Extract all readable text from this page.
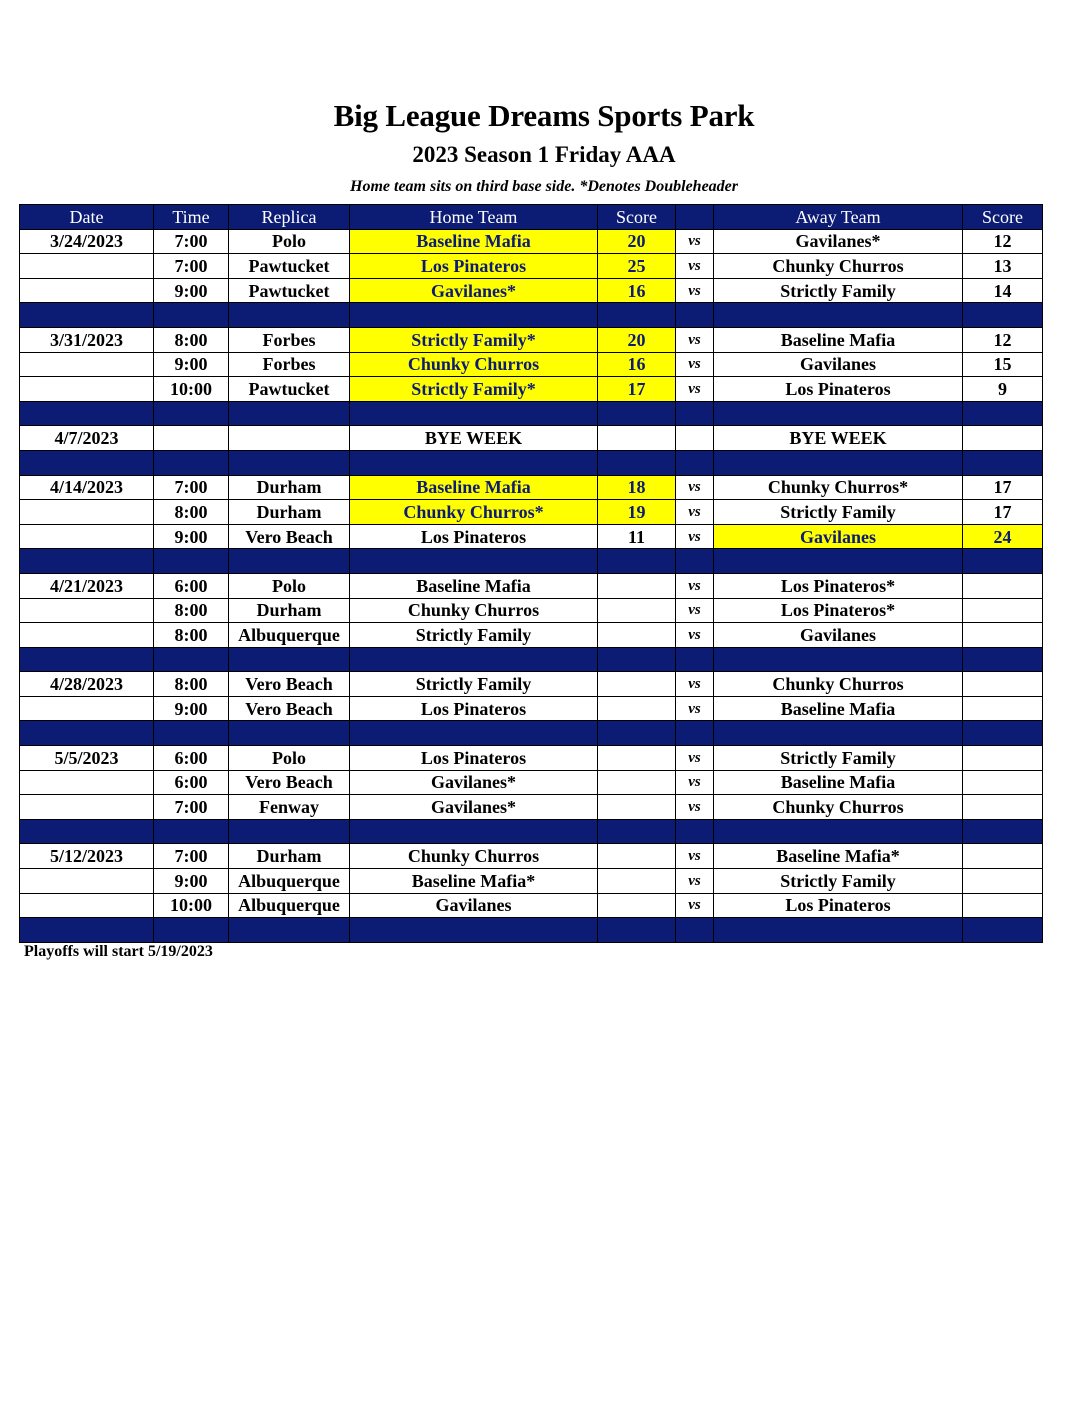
Big League Dreams Sports Park
2023 Season 1 Friday AAA
Home team sits on third base side. *Denotes Doubleheader
Date	Time	Replica	Home Team	Score		Away Team	Score
3/24/2023	7:00	Polo	Baseline Mafia	20	vs	Gavilanes*	12
	7:00	Pawtucket	Los Pinateros	25	vs	Chunky Churros	13
	9:00	Pawtucket	Gavilanes*	16	vs	Strictly Family	14

3/31/2023	8:00	Forbes	Strictly Family*	20	vs	Baseline Mafia	12
	9:00	Forbes	Chunky Churros	16	vs	Gavilanes	15
	10:00	Pawtucket	Strictly Family*	17	vs	Los Pinateros	9

4/7/2023			BYE WEEK			BYE WEEK	

4/14/2023	7:00	Durham	Baseline Mafia	18	vs	Chunky Churros*	17
	8:00	Durham	Chunky Churros*	19	vs	Strictly Family	17
	9:00	Vero Beach	Los Pinateros	11	vs	Gavilanes	24

4/21/2023	6:00	Polo	Baseline Mafia		vs	Los Pinateros*	
	8:00	Durham	Chunky Churros		vs	Los Pinateros*	
	8:00	Albuquerque	Strictly Family		vs	Gavilanes	

4/28/2023	8:00	Vero Beach	Strictly Family		vs	Chunky Churros	
	9:00	Vero Beach	Los Pinateros		vs	Baseline Mafia	

5/5/2023	6:00	Polo	Los Pinateros		vs	Strictly Family	
	6:00	Vero Beach	Gavilanes*		vs	Baseline Mafia	
	7:00	Fenway	Gavilanes*		vs	Chunky Churros	

5/12/2023	7:00	Durham	Chunky Churros		vs	Baseline Mafia*	
	9:00	Albuquerque	Baseline Mafia*		vs	Strictly Family	
	10:00	Albuquerque	Gavilanes		vs	Los Pinateros	

Playoffs will start 5/19/2023
